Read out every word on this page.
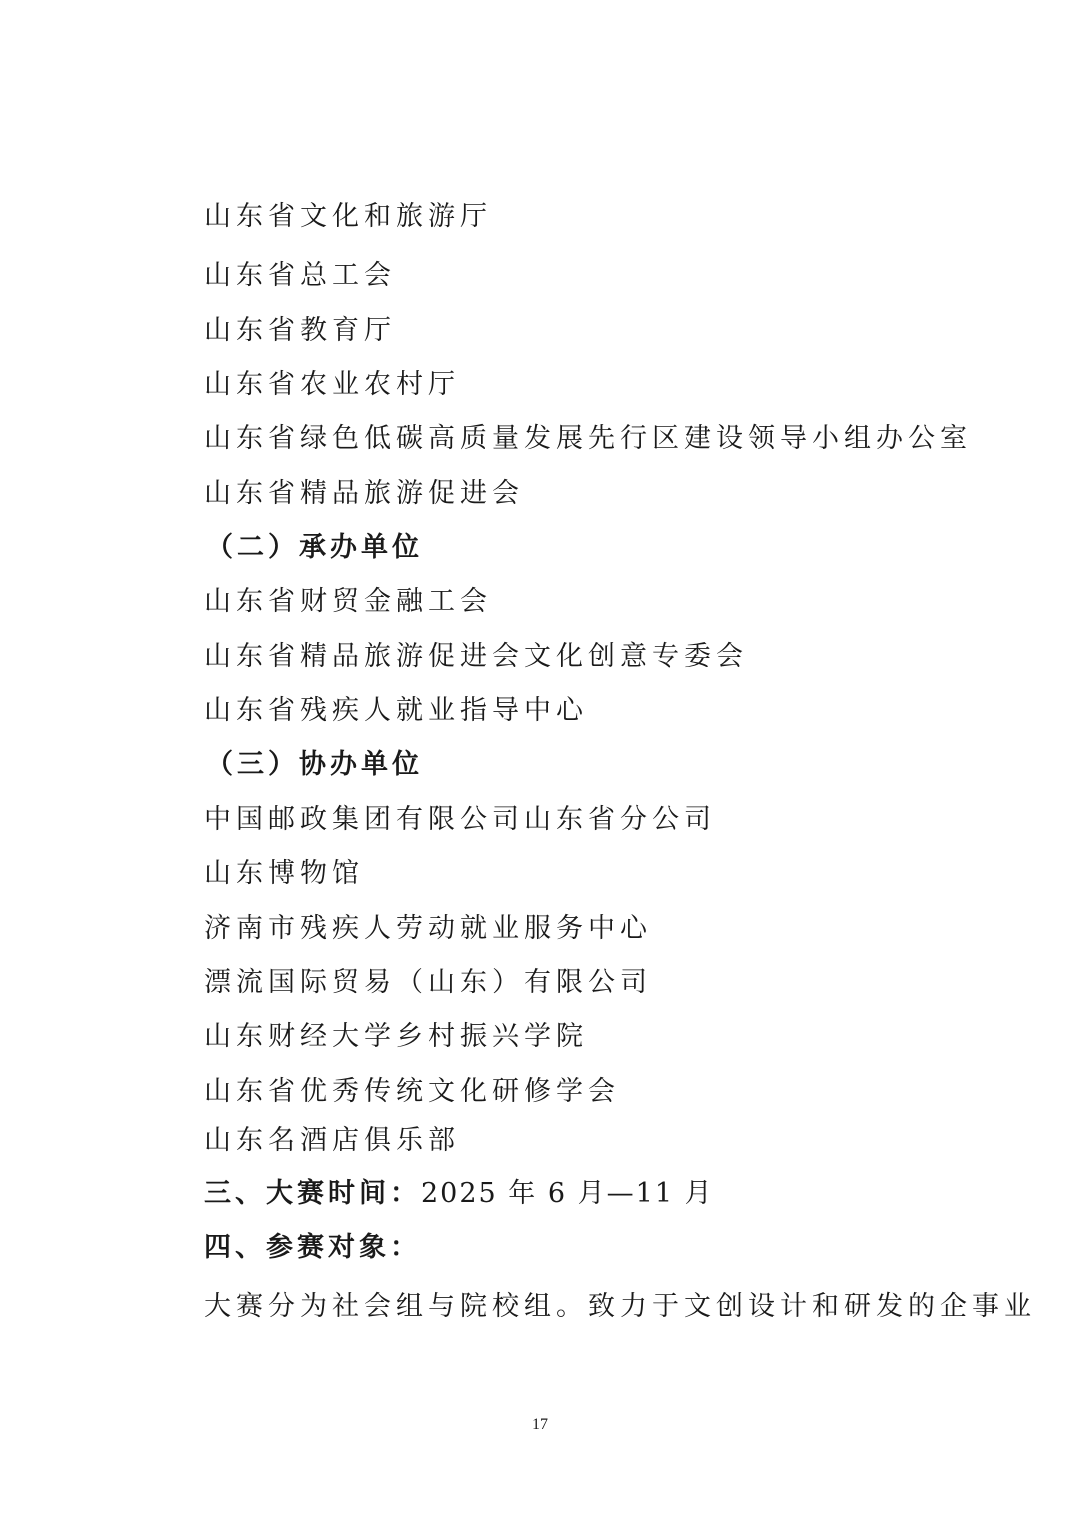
山东省文化和旅游厅
山东省总工会
山东省教育厅
山东省农业农村厅
山东省绿色低碳高质量发展先行区建设领导小组办公室
山东省精品旅游促进会
（二）承办单位
山东省财贸金融工会
山东省精品旅游促进会文化创意专委会
山东省残疾人就业指导中心
（三）协办单位
中国邮政集团有限公司山东省分公司
山东博物馆
济南市残疾人劳动就业服务中心
漂流国际贸易（山东）有限公司
山东财经大学乡村振兴学院
山东省优秀传统文化研修学会
山东名酒店俱乐部
三、大赛时间：2025 年 6 月—11 月
四、参赛对象：
大赛分为社会组与院校组。致力于文创设计和研发的企事业
17
